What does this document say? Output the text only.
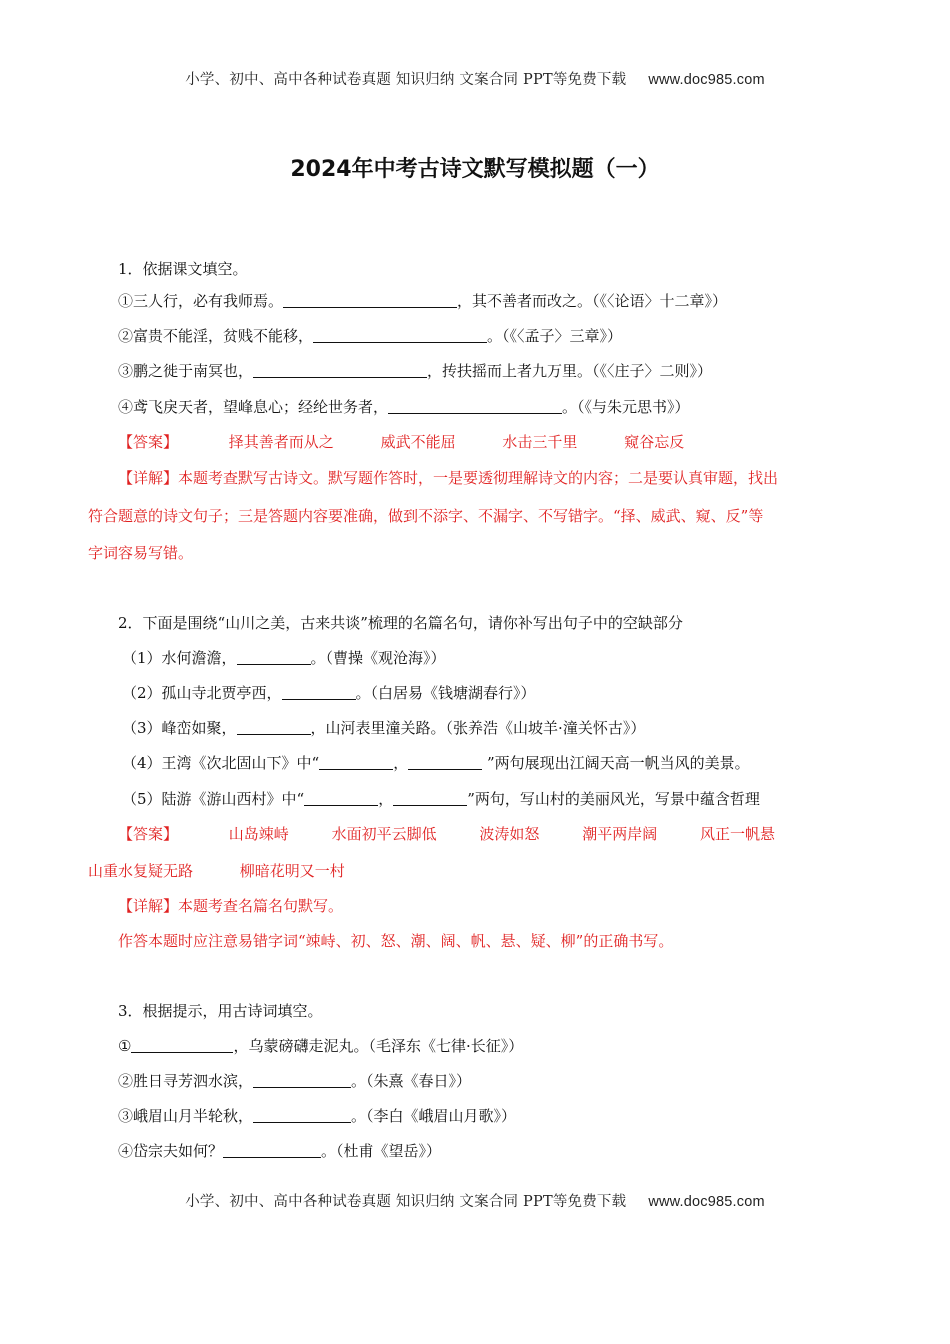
小学、初中、高中各种试卷真题 知识归纳 文案合同 PPT等免费下载 www.doc985.com
2024年中考古诗文默写模拟题（一）
1．依据课文填空。
①三人行，必有我师焉。	，其不善者而改之。（《〈论语〉十二章》）
②富贵不能淫，贫贱不能移，	。（《〈孟子〉三章》）
③鹏之徙于南冥也，	，抟扶摇而上者九万里。（《〈庄子〉二则》）
④鸢飞戾天者，望峰息心；经纶世务者，	。（《与朱元思书》）
【答案】	择其善者而从之	威武不能屈	水击三千里	窥谷忘反
【详解】本题考查默写古诗文。默写题作答时，一是要透彻理解诗文的内容；二是要认真审题，找出
符合题意的诗文句子；三是答题内容要准确，做到不添字、不漏字、不写错字。“择、威武、窥、反”等
字词容易写错。
2．下面是围绕“山川之美，古来共谈”梳理的名篇名句，请你补写出句子中的空缺部分
（1）水何澹澹，	。（曹操《观沧海》）
（2）孤山寺北贾亭西，	。（白居易《钱塘湖春行》）
（3）峰峦如聚，	，山河表里潼关路。（张养浩《山坡羊·潼关怀古》）
（4）王湾《次北固山下》中“	，	”两句展现出江阔天高一帆当风的美景。
（5）陆游《游山西村》中“	，	”两句，写山村的美丽风光，写景中蕴含哲理
【答案】	山岛竦峙	水面初平云脚低	波涛如怒	潮平两岸阔	风正一帆悬
山重水复疑无路	柳暗花明又一村
【详解】本题考查名篇名句默写。
作答本题时应注意易错字词“竦峙、初、怒、潮、阔、帆、悬、疑、柳”的正确书写。
3．根据提示，用古诗词填空。
①	，乌蒙磅礴走泥丸。（毛泽东《七律·长征》）
②胜日寻芳泗水滨，	。（朱熹《春日》）
③峨眉山月半轮秋，	。（李白《峨眉山月歌》）
④岱宗夫如何？	。（杜甫《望岳》）
小学、初中、高中各种试卷真题 知识归纳 文案合同 PPT等免费下载 www.doc985.com
